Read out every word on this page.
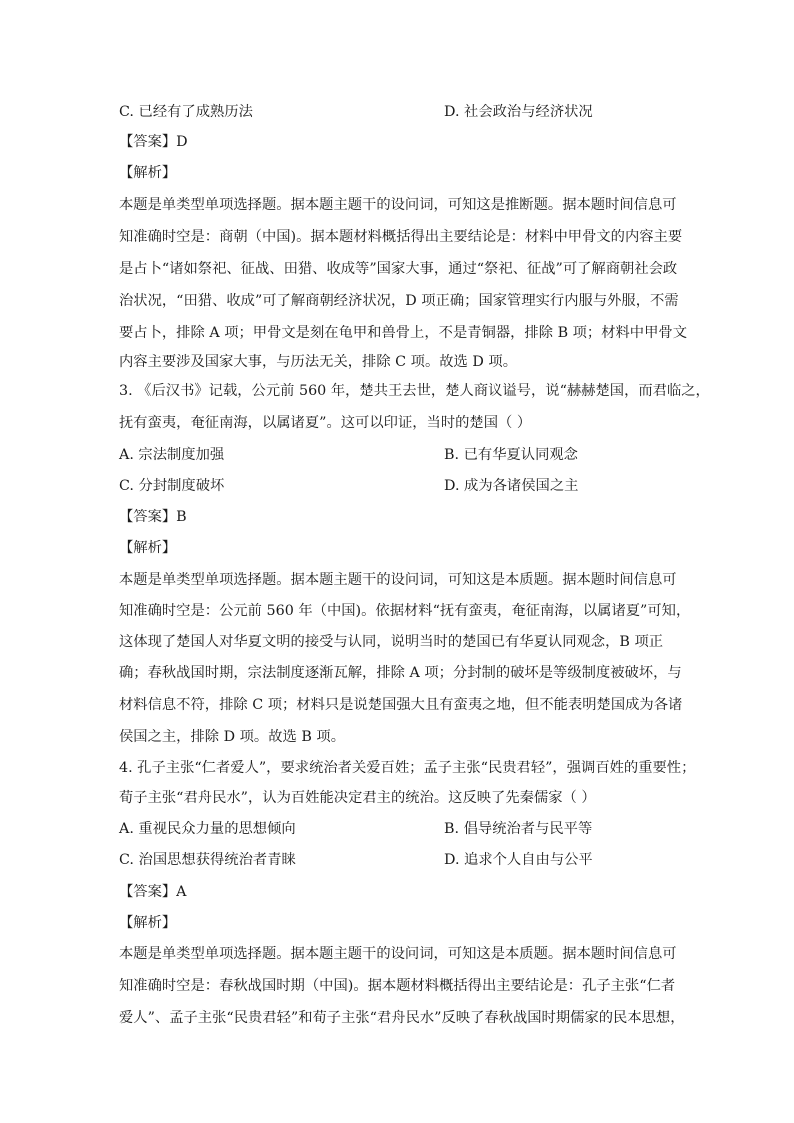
C. 已经有了成熟历法	D. 社会政治与经济状况
【答案】D
【解析】
本题是单类型单项选择题。据本题主题干的设问词，可知这是推断题。据本题时间信息可
知准确时空是：商朝（中国)。据本题材料概括得出主要结论是：材料中甲骨文的内容主要
是占卜“诸如祭祀、征战、田猎、收成等”国家大事，通过“祭祀、征战”可了解商朝社会政
治状况，“田猎、收成”可了解商朝经济状况，D 项正确；国家管理实行内服与外服，不需
要占卜，排除 A 项；甲骨文是刻在龟甲和兽骨上，不是青铜器，排除 B 项；材料中甲骨文
内容主要涉及国家大事，与历法无关，排除 C 项。故选 D 项。
3. 《后汉书》记载，公元前 560 年，楚共王去世，楚人商议谥号，说“赫赫楚国，而君临之，
抚有蛮夷，奄征南海，以属诸夏”。这可以印证，当时的楚国（ ）
A. 宗法制度加强	B. 已有华夏认同观念
C. 分封制度破坏	D. 成为各诸侯国之主
【答案】B
【解析】
本题是单类型单项选择题。据本题主题干的设问词，可知这是本质题。据本题时间信息可
知准确时空是：公元前 560 年（中国)。依据材料“抚有蛮夷，奄征南海，以属诸夏”可知，
这体现了楚国人对华夏文明的接受与认同，说明当时的楚国已有华夏认同观念，B 项正
确；春秋战国时期，宗法制度逐渐瓦解，排除 A 项；分封制的破坏是等级制度被破坏，与
材料信息不符，排除 C 项；材料只是说楚国强大且有蛮夷之地，但不能表明楚国成为各诸
侯国之主，排除 D 项。故选 B 项。
4. 孔子主张“仁者爱人”，要求统治者关爱百姓；孟子主张“民贵君轻”，强调百姓的重要性；
荀子主张“君舟民水”，认为百姓能决定君主的统治。这反映了先秦儒家（ ）
A. 重视民众力量的思想倾向	B. 倡导统治者与民平等
C. 治国思想获得统治者青睐	D. 追求个人自由与公平
【答案】A
【解析】
本题是单类型单项选择题。据本题主题干的设问词，可知这是本质题。据本题时间信息可
知准确时空是：春秋战国时期（中国)。据本题材料概括得出主要结论是：孔子主张“仁者
爱人”、孟子主张“民贵君轻”和荀子主张“君舟民水”反映了春秋战国时期儒家的民本思想，
